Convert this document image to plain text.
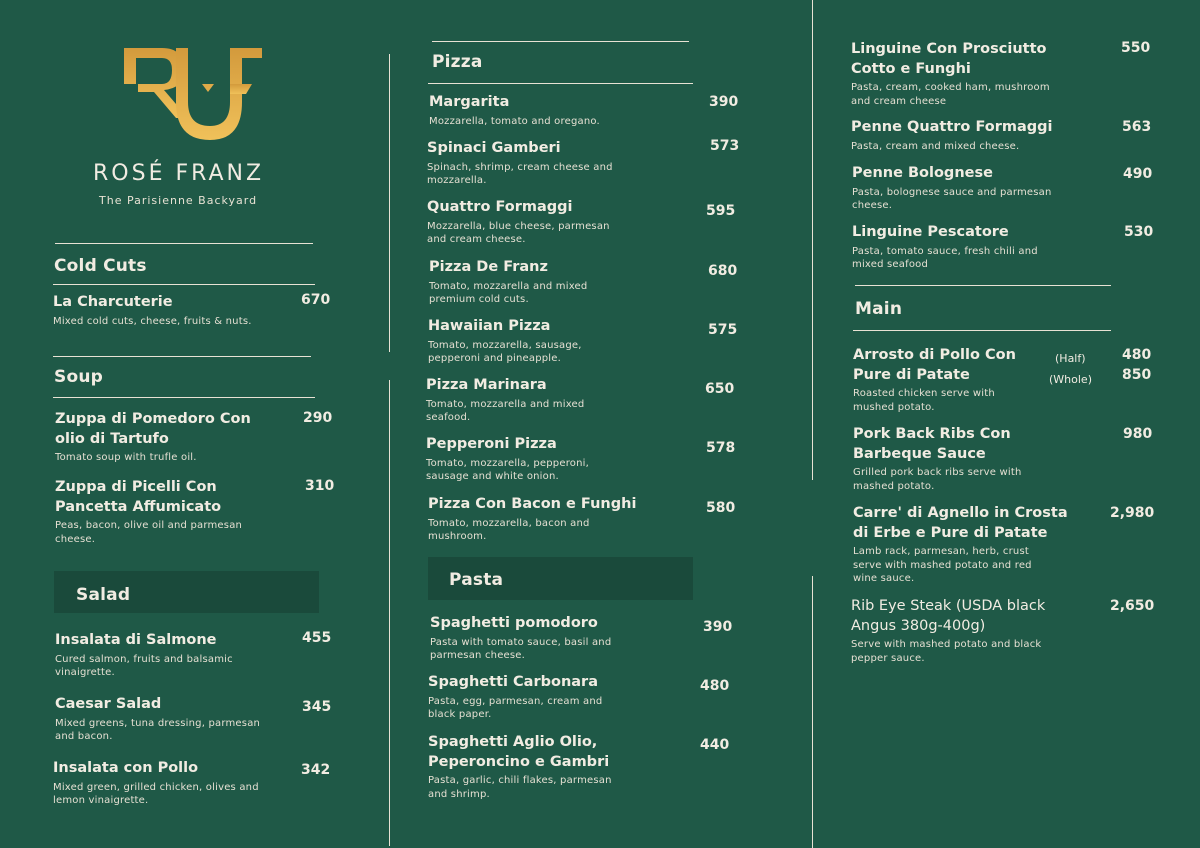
ROSÉ FRANZ
The Parisienne Backyard
Cold Cuts
La Charcuterie
Mixed cold cuts, cheese, fruits & nuts.
670
Soup
Zuppa di Pomedoro Con
olio di Tartufo
Tomato soup with trufle oil.
290
Zuppa di Picelli Con
Pancetta Affumicato
Peas, bacon, olive oil and parmesan
cheese.
310
Salad
Insalata di Salmone
Cured salmon, fruits and balsamic
vinaigrette.
455
Caesar Salad
Mixed greens, tuna dressing, parmesan
and bacon.
345
Insalata con Pollo
Mixed green, grilled chicken, olives and
lemon vinaigrette.
342
Pizza
Margarita
Mozzarella, tomato and oregano.
390
Spinaci Gamberi
Spinach, shrimp, cream cheese and
mozzarella.
573
Quattro Formaggi
Mozzarella, blue cheese, parmesan
and cream cheese.
595
Pizza De Franz
Tomato, mozzarella and mixed
premium cold cuts.
680
Hawaiian Pizza
Tomato, mozzarella, sausage,
pepperoni and pineapple.
575
Pizza Marinara
Tomato, mozzarella and mixed
seafood.
650
Pepperoni Pizza
Tomato, mozzarella, pepperoni,
sausage and white onion.
578
Pizza Con Bacon e Funghi
Tomato, mozzarella, bacon and
mushroom.
580
Pasta
Spaghetti pomodoro
Pasta with tomato sauce, basil and
parmesan cheese.
390
Spaghetti Carbonara
Pasta, egg, parmesan, cream and
black paper.
480
Spaghetti Aglio Olio,
Peperoncino e Gambri
Pasta, garlic, chili flakes, parmesan
and shrimp.
440
Linguine Con Prosciutto
Cotto e Funghi
Pasta, cream, cooked ham, mushroom
and cream cheese
550
Penne Quattro Formaggi
Pasta, cream and mixed cheese.
563
Penne Bolognese
Pasta, bolognese sauce and parmesan
cheese.
490
Linguine Pescatore
Pasta, tomato sauce, fresh chili and
mixed seafood
530
Main
Arrosto di Pollo Con
Pure di Patate
Roasted chicken serve with
mushed potato.
(Half)
(Whole)
480
850
Pork Back Ribs Con
Barbeque Sauce
Grilled pork back ribs serve with
mashed potato.
980
Carre' di Agnello in Crosta
di Erbe e Pure di Patate
Lamb rack, parmesan, herb, crust
serve with mashed potato and red
wine sauce.
2,980
Rib Eye Steak (USDA black
Angus 380g-400g)
Serve with mashed potato and black
pepper sauce.
2,650
